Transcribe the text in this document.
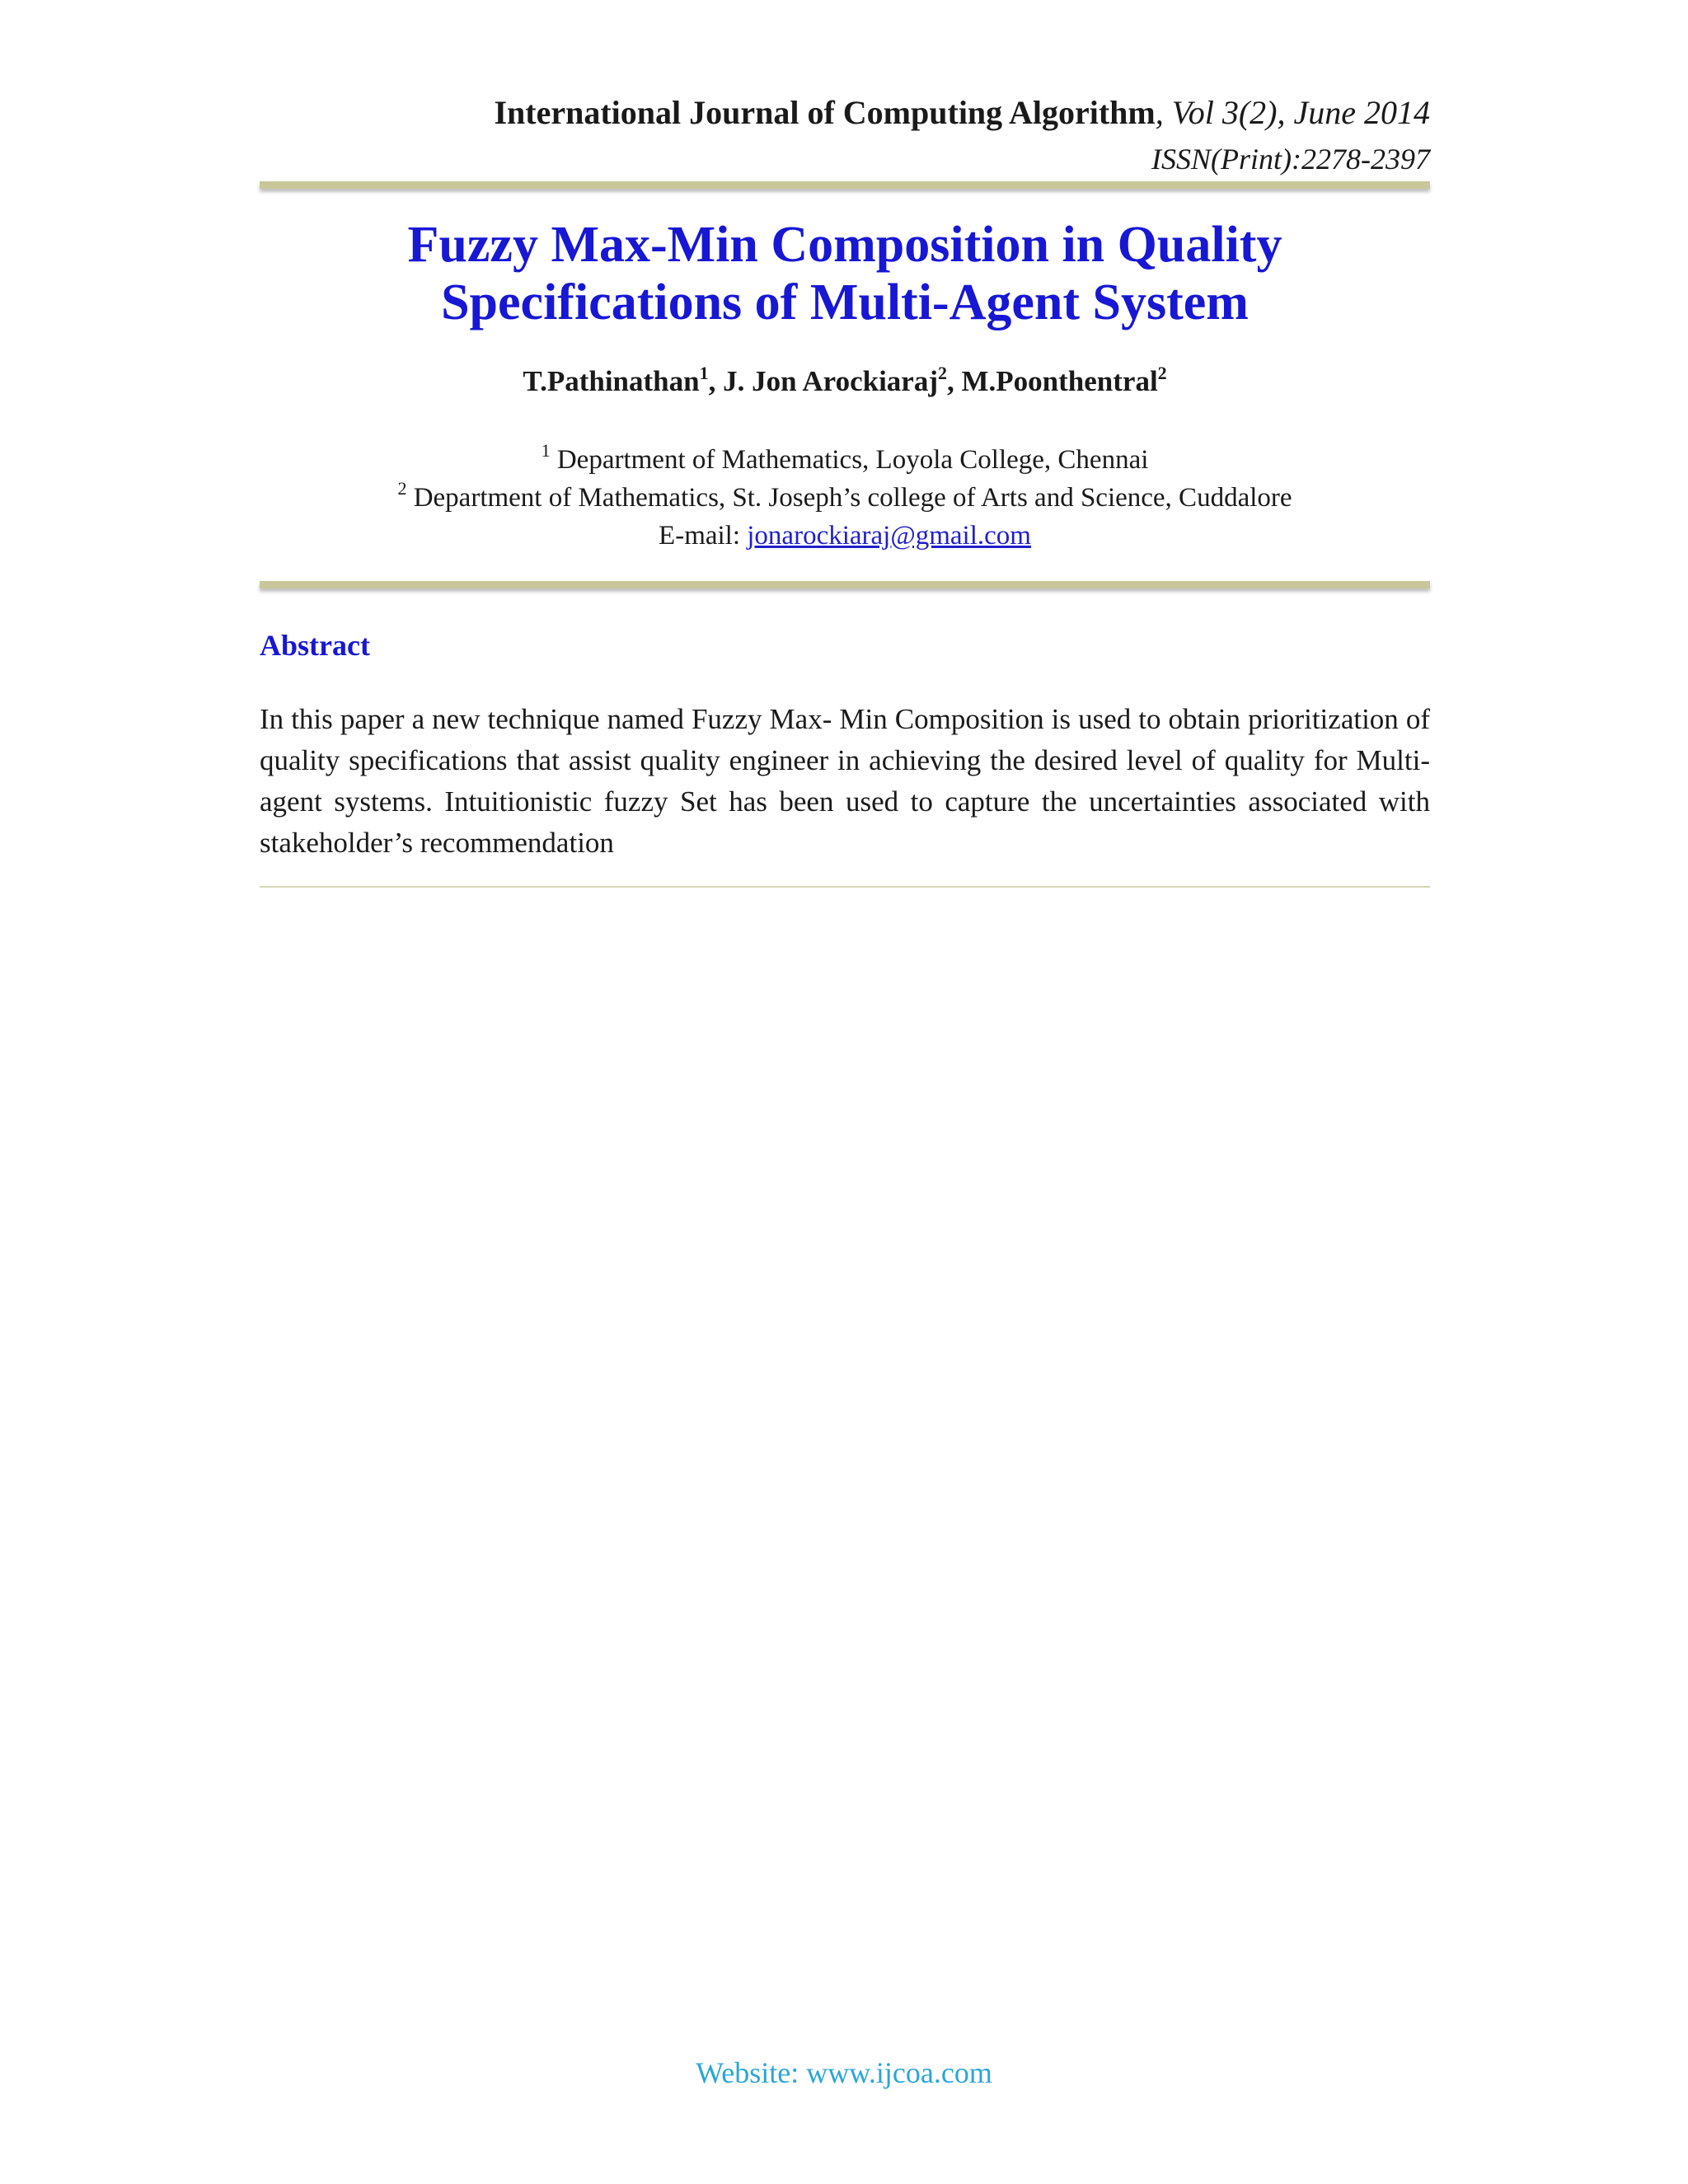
International Journal of Computing Algorithm, Vol 3(2), June 2014
ISSN(Print):2278-2397
Fuzzy Max-Min Composition in Quality
Specifications of Multi-Agent System
T.Pathinathan$^1$, J. Jon Arockiaraj$^2$, M.Poonthentral$^2$
$^1$ Department of Mathematics, Loyola College, Chennai
$^2$ Department of Mathematics, St. Joseph’s college of Arts and Science, Cuddalore
E-mail: jonarockiaraj@gmail.com
Abstract
In this paper a new technique named Fuzzy Max- Min Composition is used to obtain prioritization of quality specifications that assist quality engineer in achieving the desired level of quality for Multi-agent systems. Intuitionistic fuzzy Set has been used to capture the uncertainties associated with stakeholder’s recommendation
Website: www.ijcoa.com
